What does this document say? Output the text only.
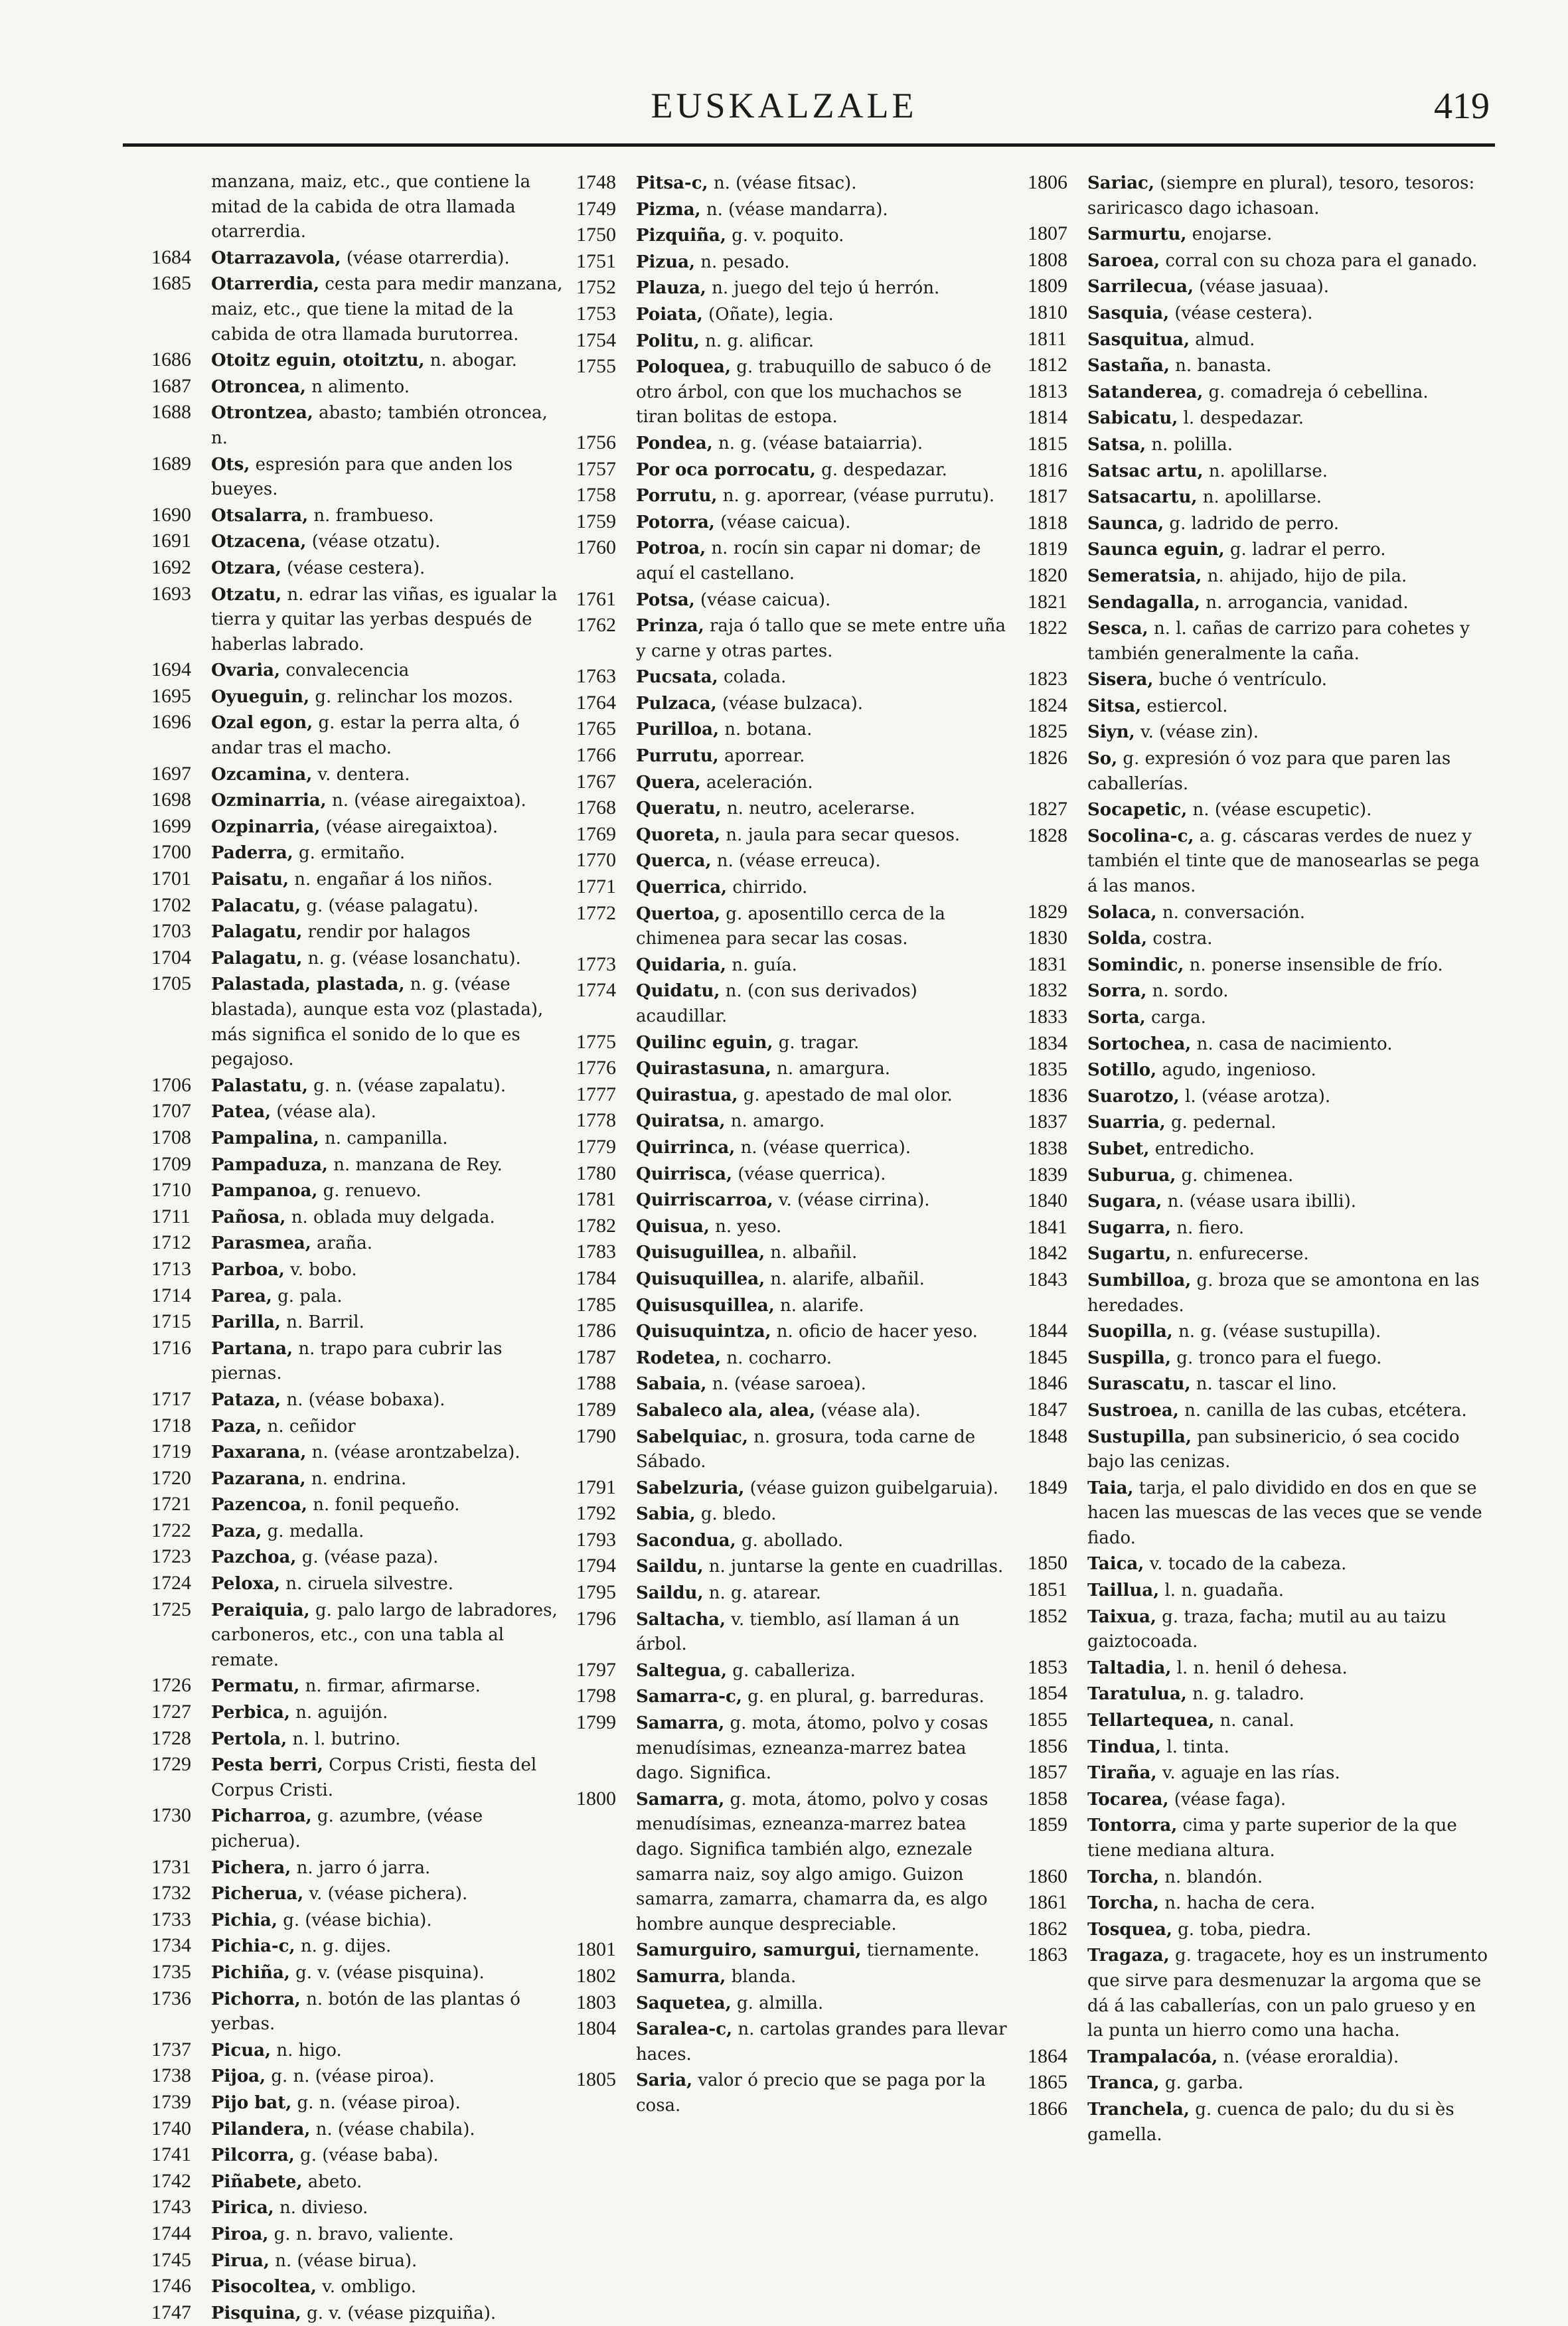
EUSKALZALE	419
manzana, maiz, etc., que contiene la mitad de la cabida de otra llamada otarrerdia.
1684 Otarrazavola, (véase otarrerdia).
1685 Otarrerdia, cesta para medir manzana, maiz, etc., que tiene la mitad de la cabida de otra llamada burutorrea.
1686 Otoitz eguin, otoitztu, n. abogar.
1687 Otroncea, n alimento.
1688 Otrontzea, abasto; también otroncea, n.
1689 Ots, espresión para que anden los bueyes.
1690 Otsalarra, n. frambueso.
1691 Otzacena, (véase otzatu).
1692 Otzara, (véase cestera).
1693 Otzatu, n. edrar las viñas, es igualar la tierra y quitar las yerbas después de haberlas labrado.
1694 Ovaria, convalecencia
1695 Oyueguin, g. relinchar los mozos.
1696 Ozal egon, g. estar la perra alta, ó andar tras el macho.
1697 Ozcamina, v. dentera.
1698 Ozminarria, n. (véase airegaixtoa).
1699 Ozpinarria, (véase airegaixtoa).
1700 Paderra, g. ermitaño.
1701 Paisatu, n. engañar á los niños.
1702 Palacatu, g. (véase palagatu).
1703 Palagatu, rendir por halagos
1704 Palagatu, n. g. (véase losanchatu).
1705 Palastada, plastada, n. g. (véase blastada), aunque esta voz (plastada), más significa el sonido de lo que es pegajoso.
1706 Palastatu, g. n. (véase zapalatu).
1707 Patea, (véase ala).
1708 Pampalina, n. campanilla.
1709 Pampaduza, n. manzana de Rey.
1710 Pampanoa, g. renuevo.
1711 Pañosa, n. oblada muy delgada.
1712 Parasmea, araña.
1713 Parboa, v. bobo.
1714 Parea, g. pala.
1715 Parilla, n. Barril.
1716 Partana, n. trapo para cubrir las piernas.
1717 Pataza, n. (véase bobaxa).
1718 Paza, n. ceñidor
1719 Paxarana, n. (véase arontzabelza).
1720 Pazarana, n. endrina.
1721 Pazencoa, n. fonil pequeño.
1722 Paza, g. medalla.
1723 Pazchoa, g. (véase paza).
1724 Peloxa, n. ciruela silvestre.
1725 Peraiquia, g. palo largo de labradores, carboneros, etc., con una tabla al remate.
1726 Permatu, n. firmar, afirmarse.
1727 Perbica, n. aguijón.
1728 Pertola, n. l. butrino.
1729 Pesta berri, Corpus Cristi, fiesta del Corpus Cristi.
1730 Picharroa, g. azumbre, (véase picherua).
1731 Pichera, n. jarro ó jarra.
1732 Picherua, v. (véase pichera).
1733 Pichia, g. (véase bichia).
1734 Pichia-c, n. g. dijes.
1735 Pichiña, g. v. (véase pisquina).
1736 Pichorra, n. botón de las plantas ó yerbas.
1737 Picua, n. higo.
1738 Pijoa, g. n. (véase piroa).
1739 Pijo bat, g. n. (véase piroa).
1740 Pilandera, n. (véase chabila).
1741 Pilcorra, g. (véase baba).
1742 Piñabete, abeto.
1743 Pirica, n. divieso.
1744 Piroa, g. n. bravo, valiente.
1745 Pirua, n. (véase birua).
1746 Pisocoltea, v. ombligo.
1747 Pisquina, g. v. (véase pizquiña).
1748 Pitsa-c, n. (véase fitsac).
1749 Pizma, n. (véase mandarra).
1750 Pizquiña, g. v. poquito.
1751 Pizua, n. pesado.
1752 Plauza, n. juego del tejo ú herrón.
1753 Poiata, (Oñate), legia.
1754 Politu, n. g. alificar.
1755 Poloquea, g. trabuquillo de sabuco ó de otro árbol, con que los muchachos se tiran bolitas de estopa.
1756 Pondea, n. g. (véase bataiarria).
1757 Por oca porrocatu, g. despedazar.
1758 Porrutu, n. g. aporrear, (véase purrutu).
1759 Potorra, (véase caicua).
1760 Potroa, n. rocín sin capar ni domar; de aquí el castellano.
1761 Potsa, (véase caicua).
1762 Prinza, raja ó tallo que se mete entre uña y carne y otras partes.
1763 Pucsata, colada.
1764 Pulzaca, (véase bulzaca).
1765 Purilloa, n. botana.
1766 Purrutu, aporrear.
1767 Quera, aceleración.
1768 Queratu, n. neutro, acelerarse.
1769 Quoreta, n. jaula para secar quesos.
1770 Querca, n. (véase erreuca).
1771 Querrica, chirrido.
1772 Quertoa, g. aposentillo cerca de la chimenea para secar las cosas.
1773 Quidaria, n. guía.
1774 Quidatu, n. (con sus derivados) acaudillar.
1775 Quilinc eguin, g. tragar.
1776 Quirastasuna, n. amargura.
1777 Quirastua, g. apestado de mal olor.
1778 Quiratsa, n. amargo.
1779 Quirrinca, n. (véase querrica).
1780 Quirrisca, (véase querrica).
1781 Quirriscarroa, v. (véase cirrina).
1782 Quisua, n. yeso.
1783 Quisuguillea, n. albañil.
1784 Quisuquillea, n. alarife, albañil.
1785 Quisusquillea, n. alarife.
1786 Quisuquintza, n. oficio de hacer yeso.
1787 Rodetea, n. cocharro.
1788 Sabaia, n. (véase saroea).
1789 Sabaleco ala, alea, (véase ala).
1790 Sabelquiac, n. grosura, toda carne de Sábado.
1791 Sabelzuria, (véase guizon guibelgaruia).
1792 Sabia, g. bledo.
1793 Sacondua, g. abollado.
1794 Saildu, n. juntarse la gente en cuadrillas.
1795 Saildu, n. g. atarear.
1796 Saltacha, v. tiemblo, así llaman á un árbol.
1797 Saltegua, g. caballeriza.
1798 Samarra-c, g. en plural, g. barreduras.
1799 Samarra, g. mota, átomo, polvo y cosas menudísimas, ezneanza-marrez batea dago. Significa.
1800 Samarra, g. mota, átomo, polvo y cosas menudísimas, ezneanza-marrez batea dago. Significa también algo, eznezale samarra naiz, soy algo amigo. Guizon samarra, zamarra, chamarra da, es algo hombre aunque despreciable.
1801 Samurguiro, samurgui, tiernamente.
1802 Samurra, blanda.
1803 Saquetea, g. almilla.
1804 Saralea-c, n. cartolas grandes para llevar haces.
1805 Saria, valor ó precio que se paga por la cosa.
1806 Sariac, (siempre en plural), tesoro, tesoros: sariricasco dago ichasoan.
1807 Sarmurtu, enojarse.
1808 Saroea, corral con su choza para el ganado.
1809 Sarrilecua, (véase jasuaa).
1810 Sasquia, (véase cestera).
1811 Sasquitua, almud.
1812 Sastaña, n. banasta.
1813 Satanderea, g. comadreja ó cebellina.
1814 Sabicatu, l. despedazar.
1815 Satsa, n. polilla.
1816 Satsac artu, n. apolillarse.
1817 Satsacartu, n. apolillarse.
1818 Saunca, g. ladrido de perro.
1819 Saunca eguin, g. ladrar el perro.
1820 Semeratsia, n. ahijado, hijo de pila.
1821 Sendagalla, n. arrogancia, vanidad.
1822 Sesca, n. l. cañas de carrizo para cohetes y también generalmente la caña.
1823 Sisera, buche ó ventrículo.
1824 Sitsa, estiercol.
1825 Siyn, v. (véase zin).
1826 So, g. expresión ó voz para que paren las caballerías.
1827 Socapetic, n. (véase escupetic).
1828 Socolina-c, a. g. cáscaras verdes de nuez y también el tinte que de manosearlas se pega á las manos.
1829 Solaca, n. conversación.
1830 Solda, costra.
1831 Somindic, n. ponerse insensible de frío.
1832 Sorra, n. sordo.
1833 Sorta, carga.
1834 Sortochea, n. casa de nacimiento.
1835 Sotillo, agudo, ingenioso.
1836 Suarotzo, l. (véase arotza).
1837 Suarria, g. pedernal.
1838 Subet, entredicho.
1839 Suburua, g. chimenea.
1840 Sugara, n. (véase usara ibilli).
1841 Sugarra, n. fiero.
1842 Sugartu, n. enfurecerse.
1843 Sumbilloa, g. broza que se amontona en las heredades.
1844 Suopilla, n. g. (véase sustupilla).
1845 Suspilla, g. tronco para el fuego.
1846 Surascatu, n. tascar el lino.
1847 Sustroea, n. canilla de las cubas, etcétera.
1848 Sustupilla, pan subsinericio, ó sea cocido bajo las cenizas.
1849 Taia, tarja, el palo dividido en dos en que se hacen las muescas de las veces que se vende fiado.
1850 Taica, v. tocado de la cabeza.
1851 Taillua, l. n. guadaña.
1852 Taixua, g. traza, facha; mutil au au taizu gaiztocoada.
1853 Taltadia, l. n. henil ó dehesa.
1854 Taratulua, n. g. taladro.
1855 Tellartequea, n. canal.
1856 Tindua, l. tinta.
1857 Tiraña, v. aguaje en las rías.
1858 Tocarea, (véase faga).
1859 Tontorra, cima y parte superior de la que tiene mediana altura.
1860 Torcha, n. blandón.
1861 Torcha, n. hacha de cera.
1862 Tosquea, g. toba, piedra.
1863 Tragaza, g. tragacete, hoy es un instrumento que sirve para desmenuzar la argoma que se dá á las caballerías, con un palo grueso y en la punta un hierro como una hacha.
1864 Trampalacóa, n. (véase eroraldia).
1865 Tranca, g. garba.
1866 Tranchela, g. cuenca de palo; du du si ès gamella.
